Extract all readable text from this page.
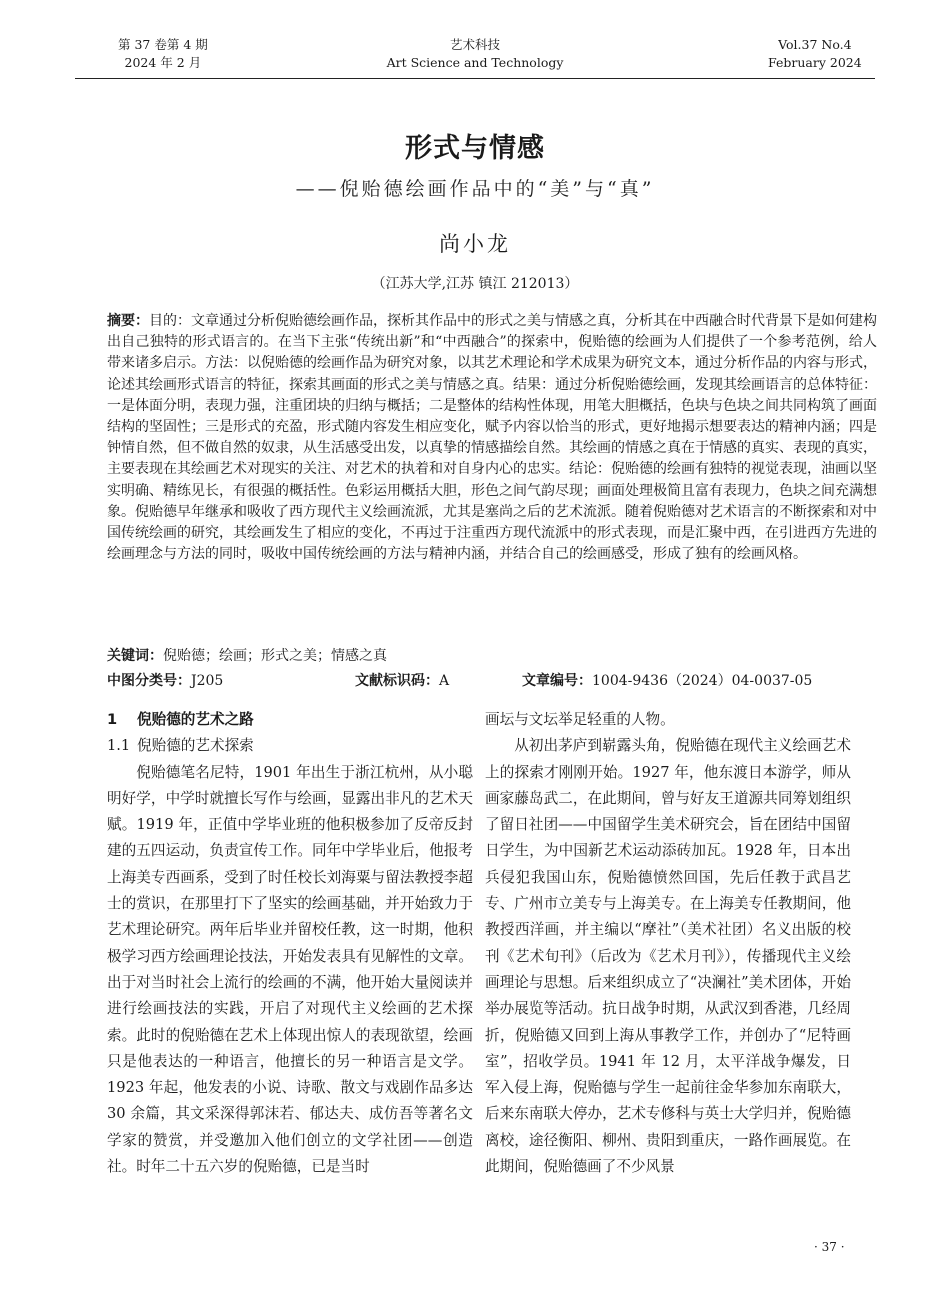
第 37 卷第 4 期
2024 年 2 月
艺术科技
Art Science and Technology
Vol.37 No.4
February 2024
形式与情感
——倪贻德绘画作品中的“美”与“真”
尚小龙
（江苏大学,江苏 镇江 212013）
摘要：目的：文章通过分析倪贻德绘画作品，探析其作品中的形式之美与情感之真，分析其在中西融合时代背景下是如何建构出自己独特的形式语言的。在当下主张“传统出新”和“中西融合”的探索中，倪贻德的绘画为人们提供了一个参考范例，给人带来诸多启示。方法：以倪贻德的绘画作品为研究对象，以其艺术理论和学术成果为研究文本，通过分析作品的内容与形式，论述其绘画形式语言的特征，探索其画面的形式之美与情感之真。结果：通过分析倪贻德绘画，发现其绘画语言的总体特征：一是体面分明，表现力强，注重团块的归纳与概括；二是整体的结构性体现，用笔大胆概括，色块与色块之间共同构筑了画面结构的坚固性；三是形式的充盈，形式随内容发生相应变化，赋予内容以恰当的形式，更好地揭示想要表达的精神内涵；四是钟情自然，但不做自然的奴隶，从生活感受出发，以真挚的情感描绘自然。其绘画的情感之真在于情感的真实、表现的真实，主要表现在其绘画艺术对现实的关注、对艺术的执着和对自身内心的忠实。结论：倪贻德的绘画有独特的视觉表现，油画以坚实明确、精练见长，有很强的概括性。色彩运用概括大胆，形色之间气韵尽现；画面处理极简且富有表现力，色块之间充满想象。倪贻德早年继承和吸收了西方现代主义绘画流派，尤其是塞尚之后的艺术流派。随着倪贻德对艺术语言的不断探索和对中国传统绘画的研究，其绘画发生了相应的变化，不再过于注重西方现代流派中的形式表现，而是汇聚中西，在引进西方先进的绘画理念与方法的同时，吸收中国传统绘画的方法与精神内涵，并结合自己的绘画感受，形成了独有的绘画风格。
关键词：倪贻德；绘画；形式之美；情感之真
中图分类号：J205	文献标识码：A	文章编号：1004-9436（2024）04-0037-05

1 倪贻德的艺术之路

1.1 倪贻德的艺术探索

倪贻德笔名尼特，1901 年出生于浙江杭州，从小聪明好学，中学时就擅长写作与绘画，显露出非凡的艺术天赋。1919 年，正值中学毕业班的他积极参加了反帝反封建的五四运动，负责宣传工作。同年中学毕业后，他报考上海美专西画系，受到了时任校长刘海粟与留法教授李超士的赏识，在那里打下了坚实的绘画基础，并开始致力于艺术理论研究。两年后毕业并留校任教，这一时期，他积极学习西方绘画理论技法，开始发表具有见解性的文章。出于对当时社会上流行的绘画的不满，他开始大量阅读并进行绘画技法的实践，开启了对现代主义绘画的艺术探索。此时的倪贻德在艺术上体现出惊人的表现欲望，绘画只是他表达的一种语言，他擅长的另一种语言是文学。1923 年起，他发表的小说、诗歌、散文与戏剧作品多达 30 余篇，其文采深得郭沫若、郁达夫、成仿吾等著名文学家的赞赏，并受邀加入他们创立的文学社团——创造社。时年二十五六岁的倪贻德，已是当时

画坛与文坛举足轻重的人物。

从初出茅庐到崭露头角，倪贻德在现代主义绘画艺术上的探索才刚刚开始。1927 年，他东渡日本游学，师从画家藤岛武二，在此期间，曾与好友王道源共同筹划组织了留日社团——中国留学生美术研究会，旨在团结中国留日学生，为中国新艺术运动添砖加瓦。1928 年，日本出兵侵犯我国山东，倪贻德愤然回国，先后任教于武昌艺专、广州市立美专与上海美专。在上海美专任教期间，他教授西洋画，并主编以“摩社”（美术社团）名义出版的校刊《艺术旬刊》（后改为《艺术月刊》），传播现代主义绘画理论与思想。后来组织成立了“决澜社”美术团体，开始举办展览等活动。抗日战争时期，从武汉到香港，几经周折，倪贻德又回到上海从事教学工作，并创办了“尼特画室”，招收学员。1941 年 12 月，太平洋战争爆发，日军入侵上海，倪贻德与学生一起前往金华参加东南联大，后来东南联大停办，艺术专修科与英士大学归并，倪贻德离校，途径衡阳、柳州、贵阳到重庆，一路作画展览。在此期间，倪贻德画了不少风景

· 37 ·
